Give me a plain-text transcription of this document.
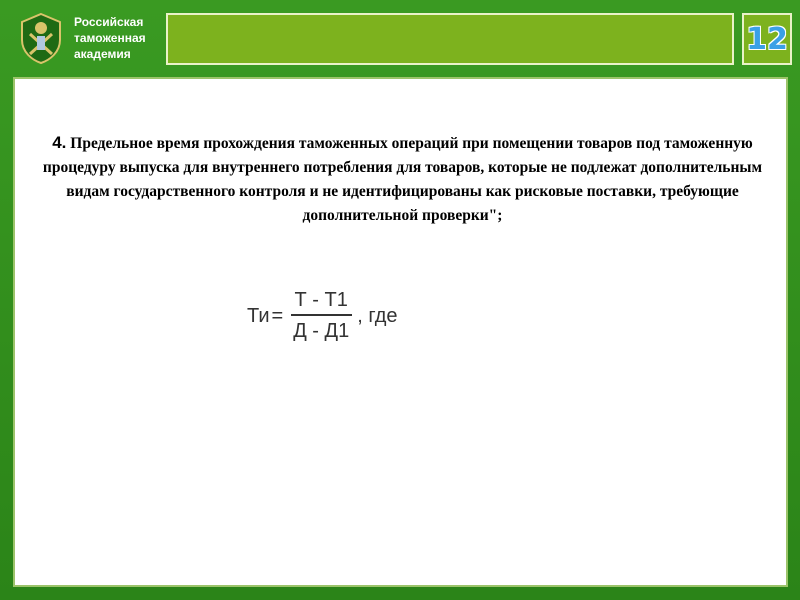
Российская
таможенная
академия	12
4. Предельное время прохождения таможенных операций при помещении товаров под таможенную процедуру выпуска для внутреннего потребления для товаров, которые не подлежат дополнительным видам государственного контроля и не идентифицированы как рисковые поставки, требующие дополнительной проверки";
Ти = $\frac{Т - Т1}{Д - Д1}$ , где
